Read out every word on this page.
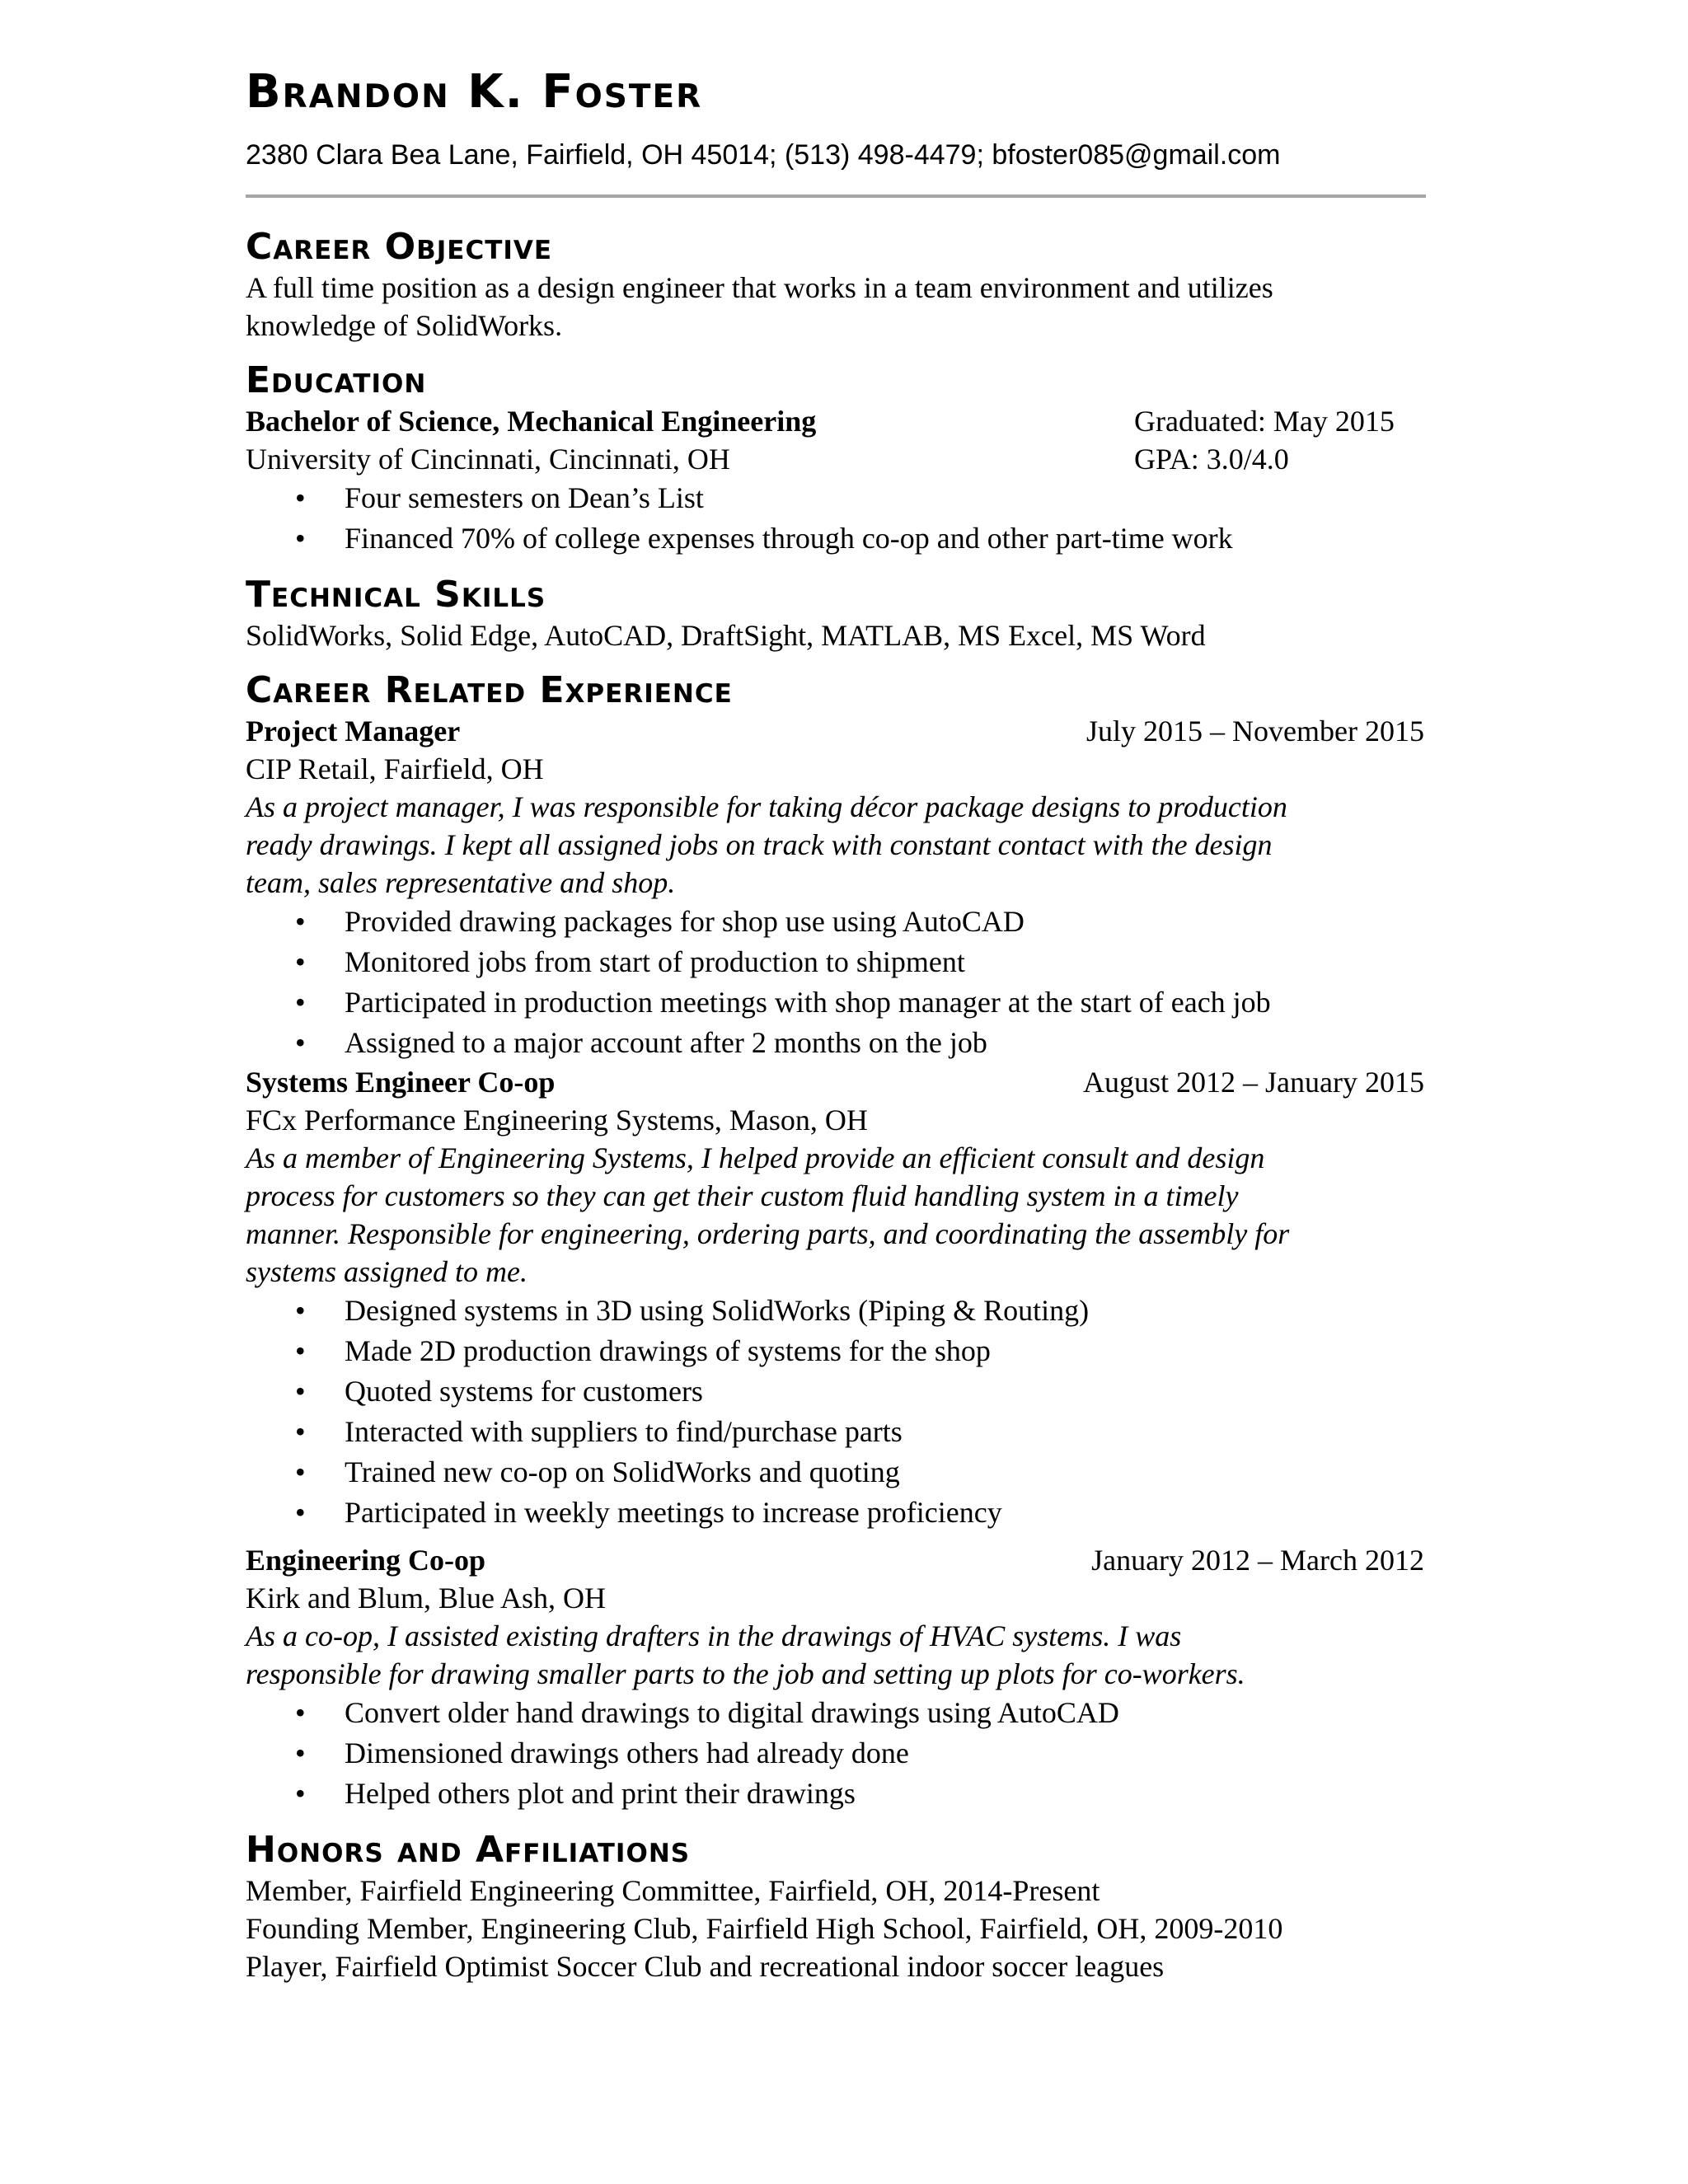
Brandon K. Foster
2380 Clara Bea Lane, Fairfield, OH 45014; (513) 498-4479; bfoster085@gmail.com
Career Objective
A full time position as a design engineer that works in a team environment and utilizes
knowledge of SolidWorks.
Education
Bachelor of Science, Mechanical Engineering	Graduated: May 2015
University of Cincinnati, Cincinnati, OH	GPA: 3.0/4.0
• Four semesters on Dean’s List
• Financed 70% of college expenses through co-op and other part-time work
Technical Skills
SolidWorks, Solid Edge, AutoCAD, DraftSight, MATLAB, MS Excel, MS Word
Career Related Experience
Project Manager	July 2015 – November 2015
CIP Retail, Fairfield, OH
As a project manager, I was responsible for taking décor package designs to production
ready drawings. I kept all assigned jobs on track with constant contact with the design
team, sales representative and shop.
• Provided drawing packages for shop use using AutoCAD
• Monitored jobs from start of production to shipment
• Participated in production meetings with shop manager at the start of each job
• Assigned to a major account after 2 months on the job
Systems Engineer Co-op	August 2012 – January 2015
FCx Performance Engineering Systems, Mason, OH
As a member of Engineering Systems, I helped provide an efficient consult and design
process for customers so they can get their custom fluid handling system in a timely
manner. Responsible for engineering, ordering parts, and coordinating the assembly for
systems assigned to me.
• Designed systems in 3D using SolidWorks (Piping & Routing)
• Made 2D production drawings of systems for the shop
• Quoted systems for customers
• Interacted with suppliers to find/purchase parts
• Trained new co-op on SolidWorks and quoting
• Participated in weekly meetings to increase proficiency
Engineering Co-op	January 2012 – March 2012
Kirk and Blum, Blue Ash, OH
As a co-op, I assisted existing drafters in the drawings of HVAC systems. I was
responsible for drawing smaller parts to the job and setting up plots for co-workers.
• Convert older hand drawings to digital drawings using AutoCAD
• Dimensioned drawings others had already done
• Helped others plot and print their drawings
Honors and Affiliations
Member, Fairfield Engineering Committee, Fairfield, OH, 2014-Present
Founding Member, Engineering Club, Fairfield High School, Fairfield, OH, 2009-2010
Player, Fairfield Optimist Soccer Club and recreational indoor soccer leagues
